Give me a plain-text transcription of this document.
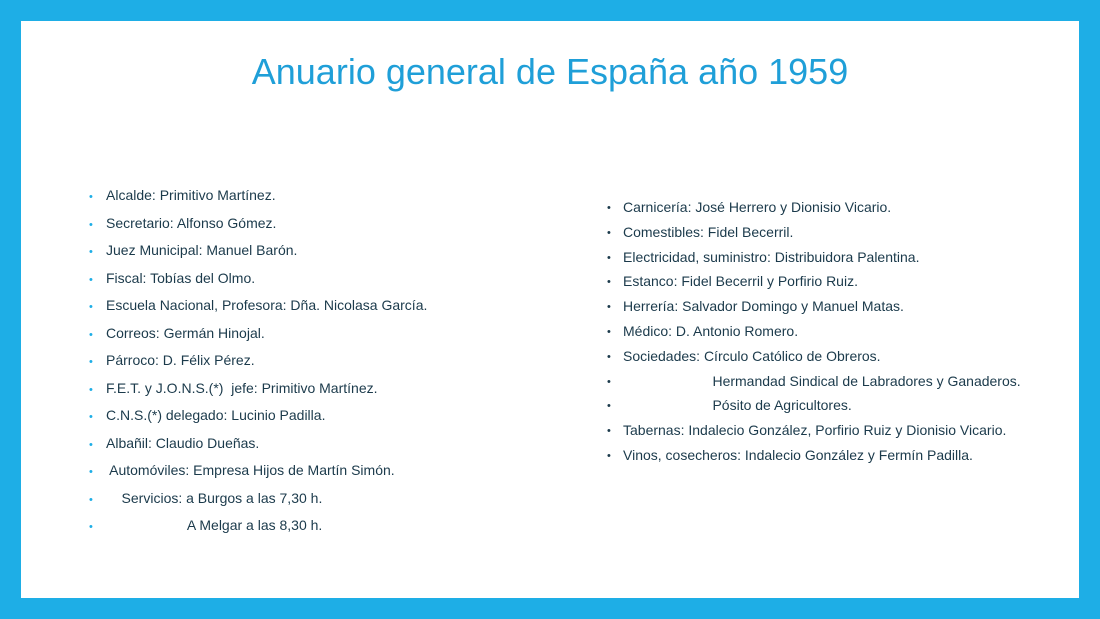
Anuario general de España año 1959
• Alcalde: Primitivo Martínez.
• Secretario: Alfonso Gómez.
• Juez Municipal: Manuel Barón.
• Fiscal: Tobías del Olmo.
• Escuela Nacional, Profesora: Dña. Nicolasa García.
• Correos: Germán Hinojal.
• Párroco: D. Félix Pérez.
• F.E.T. y J.O.N.S.(*)  jefe: Primitivo Martínez.
• C.N.S.(*) delegado: Lucinio Padilla.
• Albañil: Claudio Dueñas.
• Automóviles: Empresa Hijos de Martín Simón.
• Servicios: a Burgos a las 7,30 h.
• A Melgar a las 8,30 h.
• Carnicería: José Herrero y Dionisio Vicario.
• Comestibles: Fidel Becerril.
• Electricidad, suministro: Distribuidora Palentina.
• Estanco: Fidel Becerril y Porfirio Ruiz.
• Herrería: Salvador Domingo y Manuel Matas.
• Médico: D. Antonio Romero.
• Sociedades: Círculo Católico de Obreros.
• Hermandad Sindical de Labradores y Ganaderos.
• Pósito de Agricultores.
• Tabernas: Indalecio González, Porfirio Ruiz y Dionisio Vicario.
• Vinos, cosecheros: Indalecio González y Fermín Padilla.
